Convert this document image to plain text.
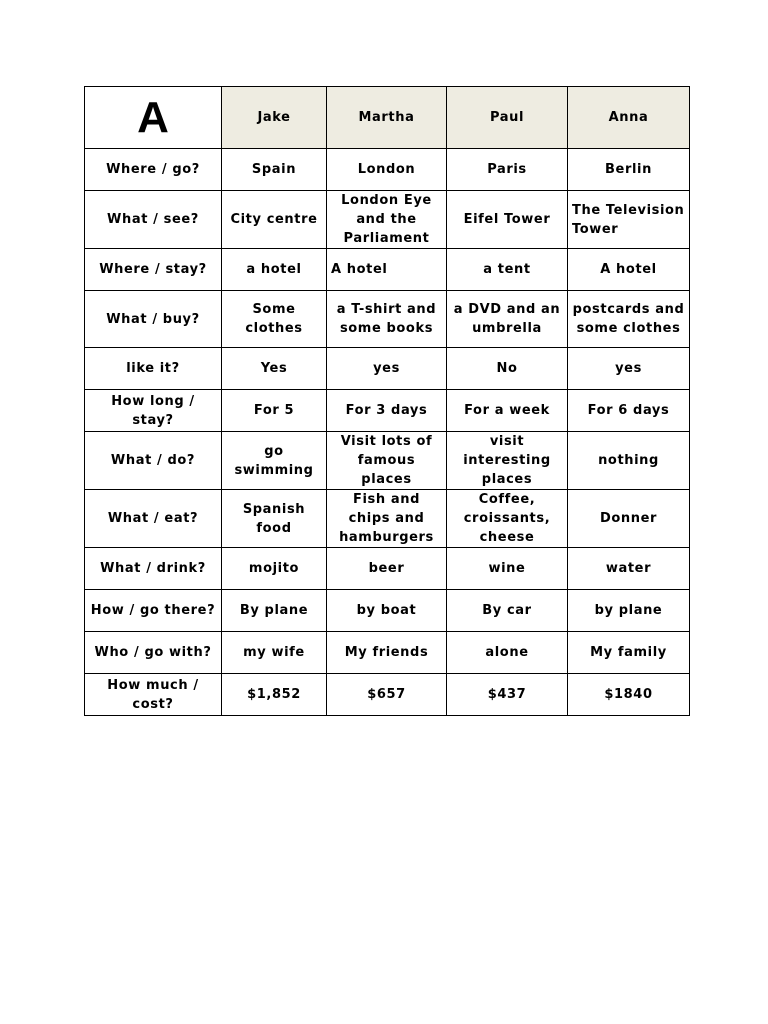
A	Jake	Martha	Paul	Anna
Where / go?	Spain	London	Paris	Berlin
What / see?	City centre	London Eye and the Parliament	Eifel Tower	The Television Tower
Where / stay?	a hotel	A hotel	a tent	A hotel
What / buy?	Some clothes	a T-shirt and some books	a DVD and an umbrella	postcards and some clothes
like it?	Yes	yes	No	yes
How long / stay?	For 5	For 3 days	For a week	For 6 days
What / do?	go swimming	Visit lots of famous places	visit interesting places	nothing
What / eat?	Spanish food	Fish and chips and hamburgers	Coffee, croissants, cheese	Donner
What / drink?	mojito	beer	wine	water
How / go there?	By plane	by boat	By car	by plane
Who / go with?	my wife	My friends	alone	My family
How much / cost?	$1,852	$657	$437	$1840
